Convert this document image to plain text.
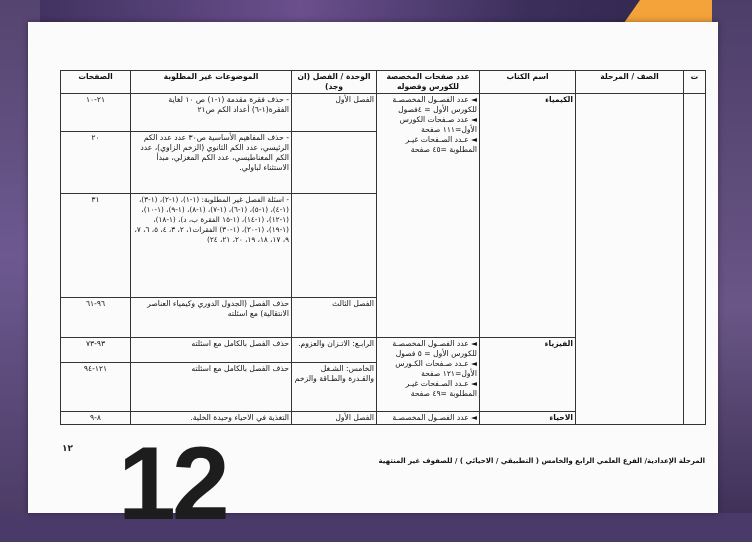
ت	الصف / المرحلة	اسم الكتاب	عدد صفحات المخصصة للكورس وفصوله	الوحدة / الفصل (ان وجد)	الموضوعات غير المطلوبة	الصفحات
		الكيمياء	◄ عدد الفصـول المخصصـة للكورس الأول = ٤فصول
◄ عدد صـفحات الكورس الأول=١١١ صفحة
◄ عـدد الصـفحات غيـر المطلوبة =٤٥ صفحة	الفصل الأول	- حذف فقرة مقدمة (١-١) ص ١٠ لغاية الفقرة(١-٦) أعداد الكم ص٢١	٢١-١٠
					- حذف المفاهيم الأساسية ص٣٠ عدد عدد الكم الرئيسي، عدد الكم الثانوي (الزخم الزاوي)، عدد الكم المغناطيسي، عدد الكم المغزلي، مبدأ الاستثناء لباولي.	٢٠
					- اسئلة الفصل غير المطلوبة: (١-١)، (١-٢)، (١-٣)، (١-٤)، (١-٥)، (١-٦)، (١-٧)، (١-٨)، (١-٩)، (١-١٠)، (١-١٢)، (١-١٤)، (١-١٥ الفقرة ب، د)، (١-١٨)، (١-١٩)، (١-٢٠)، (١-٣٠) الفقرات١، ٢، ٣، ٤، ٥، ٦، ٧، ٩، ١٧، ١٨، ١٩، ٢٠، ٢١، ٢٤)	٣١
				الفصل الثالث	حذف الفصل (الجدول الدوري وكيمياء العناصر الانتقالية) مع اسئلته	٩٦-٦١
		الفيزياء	◄ عدد الفصـول المخصصـة للكورس الأول = ٥ فصول
◄ عـدد صـفحات الكـورس الأول=١٢١ صفحة
◄ عـدد الصـفحات غيـر المطلوبة =٤٩ صفحة	الرابـع: الاتـزان والعزوم.	حذف الفصل بالكامل مع اسئلته	٩٣-٧٣
				الخامس: الشـغل والقـدرة والطـاقة والزخم	حذف الفصل بالكامل مع اسئلته	١٢١-٩٤
		الاحياء	◄ عدد الفصـول المخصصـة	الفصل الأول	التغذية في الاحياء وحيدة الخلية.	٨-٩
١٢
المرحلة الإعدادية/ الفرع العلمي الرابع والخامس ( التطبيقي / الاحيائي ) / للصفوف غير المنتهية
12
